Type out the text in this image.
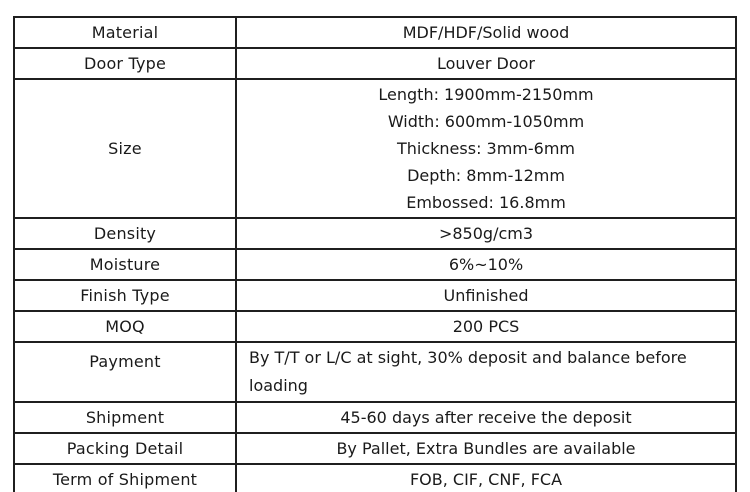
Material	MDF/HDF/Solid wood

Door Type	Louver Door

Size	Length: 1900mm-2150mm
Width: 600mm-1050mm
Thickness: 3mm-6mm
Depth: 8mm-12mm
Embossed: 16.8mm

Density	>850g/cm3

Moisture	6%~10%

Finish Type	Unfinished

MOQ	200 PCS

Payment	By T/T or L/C at sight, 30% deposit and balance before loading

Shipment	45-60 days after receive the deposit

Packing Detail	By Pallet, Extra Bundles are available

Term of Shipment	FOB, CIF, CNF, FCA
